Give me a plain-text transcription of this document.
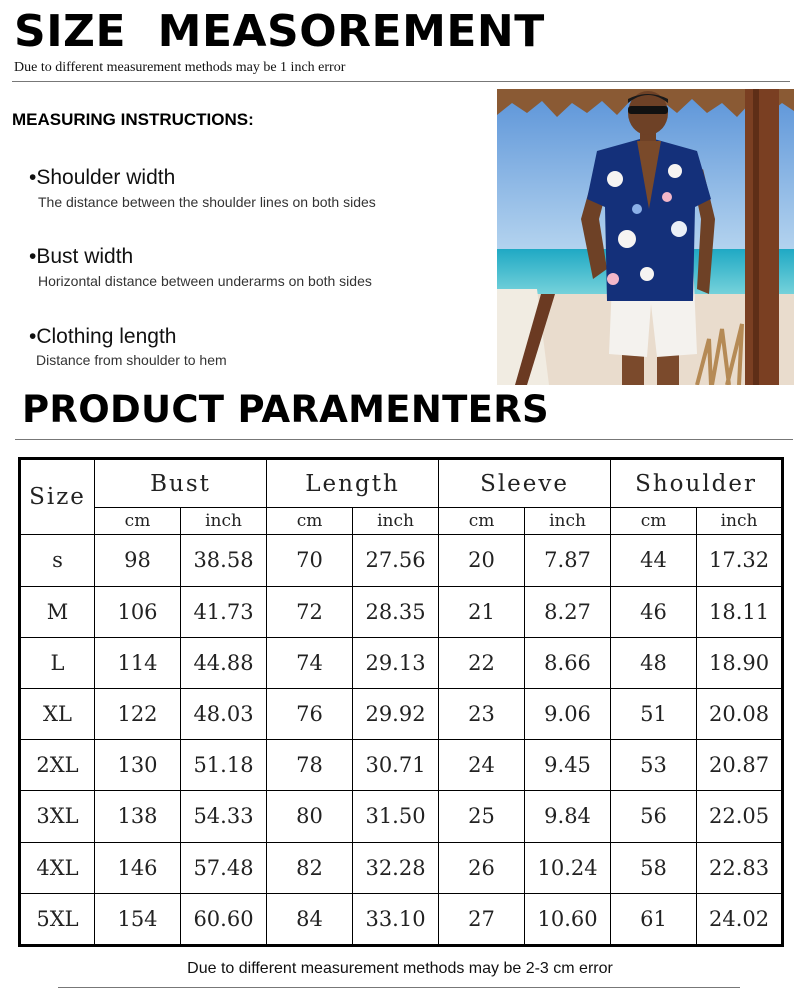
SIZE  MEASOREMENT
Due to different measurement methods may be 1 inch error
MEASURING INSTRUCTIONS:
•Shoulder width
The distance between the shoulder lines on both sides
•Bust width
Horizontal distance between underarms on both sides
•Clothing length
Distance from shoulder to hem
PRODUCT PARAMENTERS
Size	Bust		Length		Sleeve		Shoulder	
	cm	inch	cm	inch	cm	inch	cm	inch
s	98	38.58	70	27.56	20	7.87	44	17.32
M	106	41.73	72	28.35	21	8.27	46	18.11
L	114	44.88	74	29.13	22	8.66	48	18.90
XL	122	48.03	76	29.92	23	9.06	51	20.08
2XL	130	51.18	78	30.71	24	9.45	53	20.87
3XL	138	54.33	80	31.50	25	9.84	56	22.05
4XL	146	57.48	82	32.28	26	10.24	58	22.83
5XL	154	60.60	84	33.10	27	10.60	61	24.02
Due to different measurement methods may be 2-3 cm error
